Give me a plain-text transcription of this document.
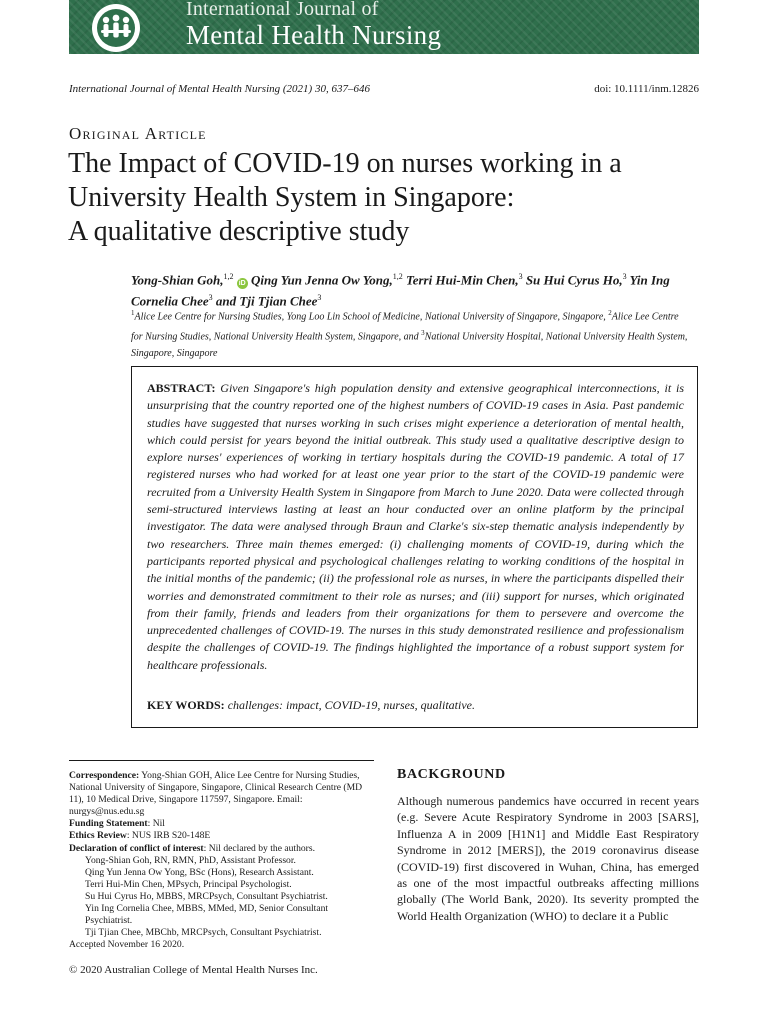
International Journal of
Mental Health Nursing
International Journal of Mental Health Nursing (2021) 30, 637–646	doi: 10.1111/inm.12826
Original Article
The Impact of COVID-19 on nurses working in a
University Health System in Singapore:
A qualitative descriptive study
Yong-Shian Goh,$^{1,2}$ iD Qing Yun Jenna Ow Yong,$^{1,2}$ Terri Hui-Min Chen,$^3$ Su Hui Cyrus Ho,$^3$ Yin Ing Cornelia Chee$^3$ and Tji Tjian Chee$^3$
$^1$Alice Lee Centre for Nursing Studies, Yong Loo Lin School of Medicine, National University of Singapore, Singapore, $^2$Alice Lee Centre for Nursing Studies, National University Health System, Singapore, and $^3$National University Hospital, National University Health System, Singapore, Singapore
ABSTRACT: Given Singapore's high population density and extensive geographical interconnections, it is unsurprising that the country reported one of the highest numbers of COVID-19 cases in Asia. Past pandemic studies have suggested that nurses working in such crises might experience a deterioration of mental health, which could persist for years beyond the initial outbreak. This study used a qualitative descriptive design to explore nurses' experiences of working in tertiary hospitals during the COVID-19 pandemic. A total of 17 registered nurses who had worked for at least one year prior to the start of the COVID-19 pandemic were recruited from a University Health System in Singapore from March to June 2020. Data were collected through semi-structured interviews lasting at least an hour conducted over an online platform by the principal investigator. The data were analysed through Braun and Clarke's six-step thematic analysis independently by two researchers. Three main themes emerged: (i) challenging moments of COVID-19, during which the participants reported physical and psychological challenges relating to working conditions of the hospital in the initial months of the pandemic; (ii) the professional role as nurses, in where the participants dispelled their worries and demonstrated commitment to their role as nurses; and (iii) support for nurses, which originated from their family, friends and leaders from their organizations for them to persevere and overcome the unprecedented challenges of COVID-19. The nurses in this study demonstrated resilience and professionalism despite the challenges of COVID-19. The findings highlighted the importance of a robust support system for healthcare professionals.
KEY WORDS: challenges: impact, COVID-19, nurses, qualitative.
Correspondence: Yong-Shian GOH, Alice Lee Centre for Nursing Studies, National University of Singapore, Singapore, Clinical Research Centre (MD 11), 10 Medical Drive, Singapore 117597, Singapore. Email: nurgys@nus.edu.sg
Funding Statement: Nil
Ethics Review: NUS IRB S20-148E
Declaration of conflict of interest: Nil declared by the authors.
Yong-Shian Goh, RN, RMN, PhD, Assistant Professor.
Qing Yun Jenna Ow Yong, BSc (Hons), Research Assistant.
Terri Hui-Min Chen, MPsych, Principal Psychologist.
Su Hui Cyrus Ho, MBBS, MRCPsych, Consultant Psychiatrist.
Yin Ing Cornelia Chee, MBBS, MMed, MD, Senior Consultant Psychiatrist.
Tji Tjian Chee, MBChb, MRCPsych, Consultant Psychiatrist.
Accepted November 16 2020.
© 2020 Australian College of Mental Health Nurses Inc.
BACKGROUND
Although numerous pandemics have occurred in recent years (e.g. Severe Acute Respiratory Syndrome in 2003 [SARS], Influenza A in 2009 [H1N1] and Middle East Respiratory Syndrome in 2012 [MERS]), the 2019 coronavirus disease (COVID-19) first discovered in Wuhan, China, has emerged as one of the most impactful outbreaks affecting millions globally (The World Bank, 2020). Its severity prompted the World Health Organization (WHO) to declare it a Public
